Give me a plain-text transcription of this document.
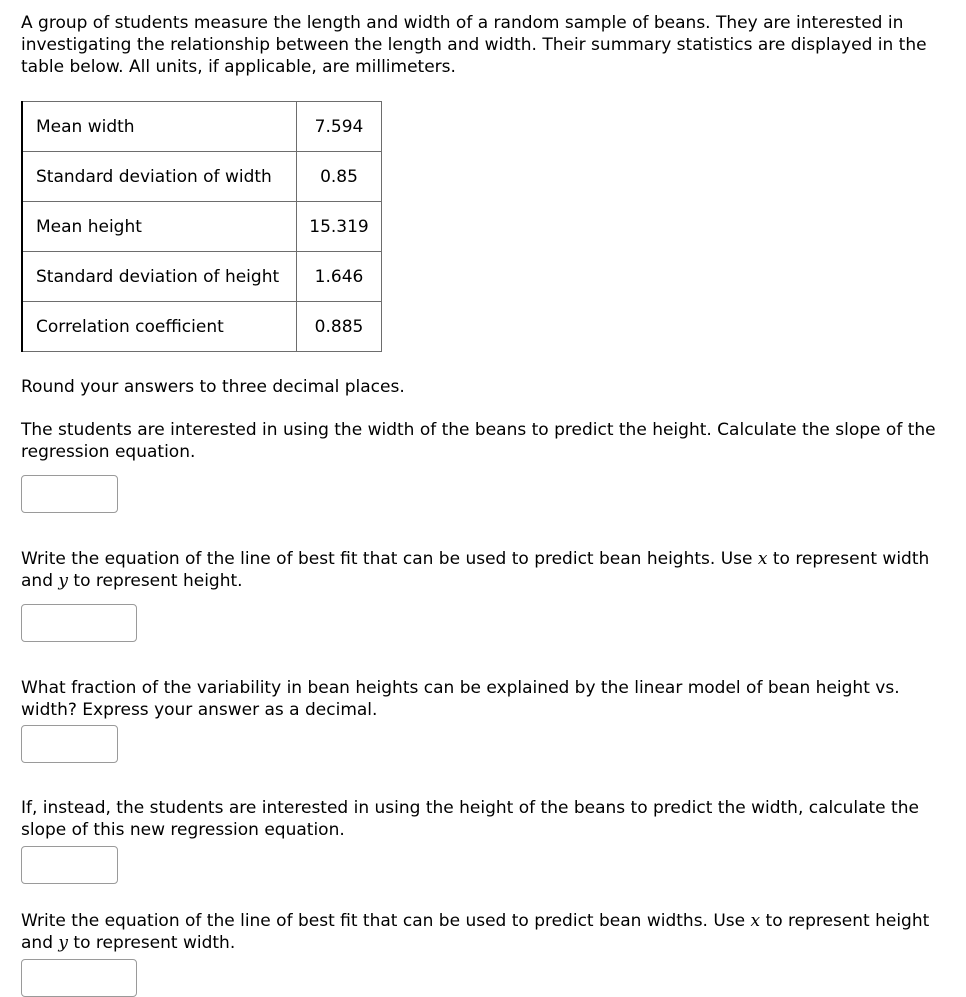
A group of students measure the length and width of a random sample of beans. They are interested in investigating the relationship between the length and width. Their summary statistics are displayed in the table below. All units, if applicable, are millimeters.

Mean width	7.594
Standard deviation of width	0.85
Mean height	15.319
Standard deviation of height	1.646
Correlation coefficient	0.885

Round your answers to three decimal places.

The students are interested in using the width of the beans to predict the height. Calculate the slope of the regression equation.

Write the equation of the line of best fit that can be used to predict bean heights. Use x to represent width and y to represent height.

What fraction of the variability in bean heights can be explained by the linear model of bean height vs. width? Express your answer as a decimal.

If, instead, the students are interested in using the height of the beans to predict the width, calculate the slope of this new regression equation.

Write the equation of the line of best fit that can be used to predict bean widths. Use x to represent height and y to represent width.
